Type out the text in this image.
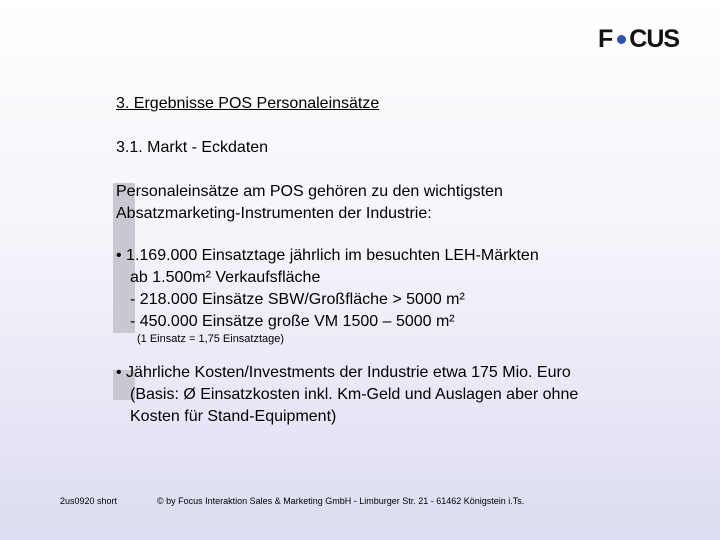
F CUS
3. Ergebnisse POS Personaleinsätze
3.1. Markt - Eckdaten
Personaleinsätze am POS gehören zu den wichtigsten
Absatzmarketing-Instrumenten der Industrie:
• 1.169.000 Einsatztage jährlich im besuchten LEH-Märkten
ab 1.500m² Verkaufsfläche
- 218.000 Einsätze SBW/Großfläche > 5000 m²
- 450.000 Einsätze große VM 1500 – 5000 m²
(1 Einsatz = 1,75 Einsatztage)
• Jährliche Kosten/Investments der Industrie etwa 175 Mio. Euro
(Basis: Ø Einsatzkosten inkl. Km-Geld und Auslagen aber ohne
Kosten für Stand-Equipment)
2us0920 short	© by Focus Interaktion Sales & Marketing GmbH - Limburger Str. 21 - 61462 Königstein i.Ts.
